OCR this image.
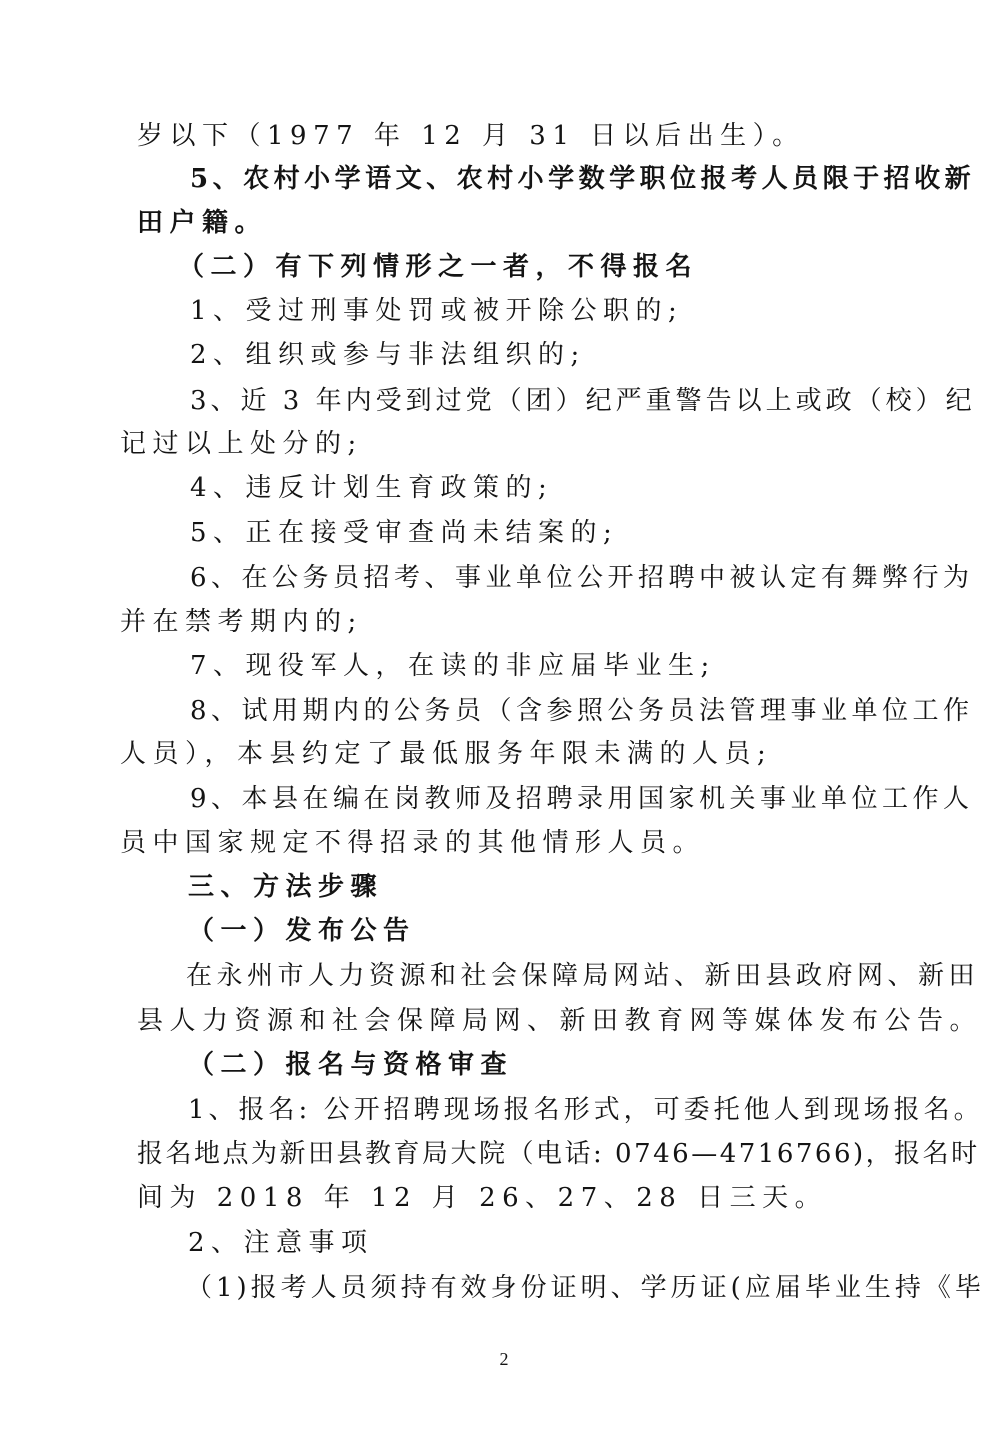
岁以下（1977 年 12 月 31 日以后出生）。
5、农村小学语文、农村小学数学职位报考人员限于招收新
田户籍。
（二）有下列情形之一者，不得报名
1、受过刑事处罚或被开除公职的;
2、组织或参与非法组织的;
3、近 3 年内受到过党（团）纪严重警告以上或政（校）纪
记过以上处分的;
4、违反计划生育政策的;
5、正在接受审查尚未结案的;
6、在公务员招考、事业单位公开招聘中被认定有舞弊行为
并在禁考期内的;
7、现役军人，在读的非应届毕业生;
8、试用期内的公务员（含参照公务员法管理事业单位工作
人员），本县约定了最低服务年限未满的人员;
9、本县在编在岗教师及招聘录用国家机关事业单位工作人
员中国家规定不得招录的其他情形人员。
三、方法步骤
（一）发布公告
在永州市人力资源和社会保障局网站、新田县政府网、新田
县人力资源和社会保障局网、新田教育网等媒体发布公告。
（二）报名与资格审查
1、报名: 公开招聘现场报名形式，可委托他人到现场报名。
报名地点为新田县教育局大院（电话: 0746—4716766)，报名时
间为 2018 年 12 月 26、27、28 日三天。
2、注意事项
（1)报考人员须持有效身份证明、学历证(应届毕业生持《毕
2
